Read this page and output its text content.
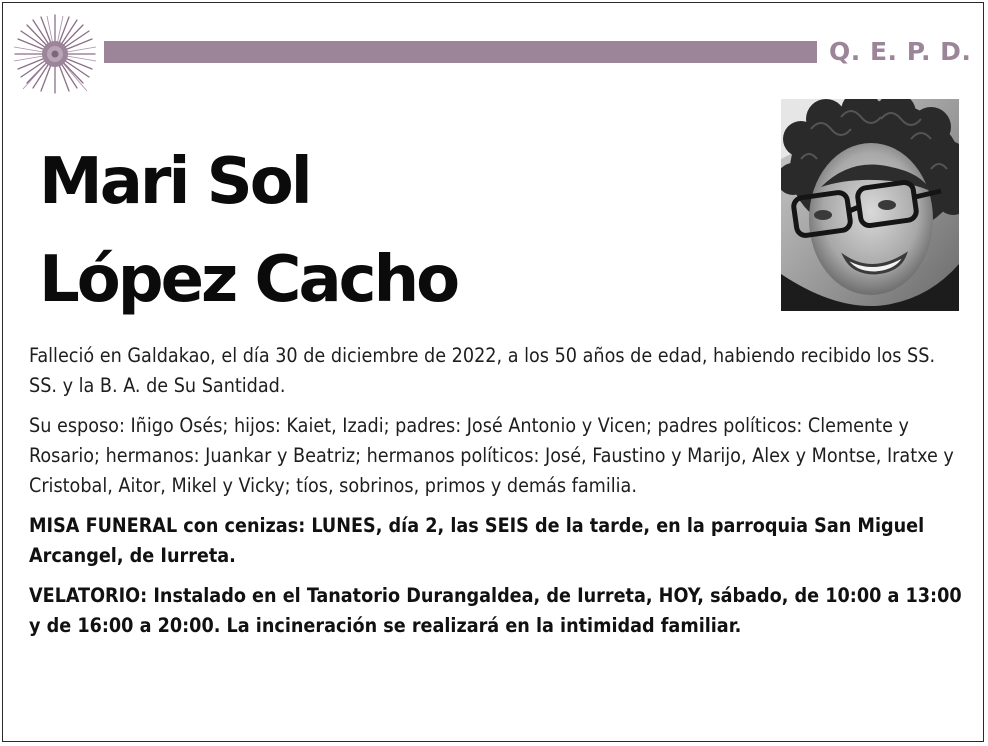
Q. E. P. D.
Mari Sol
López Cacho

Falleció en Galdakao, el día 30 de diciembre de 2022, a los 50 años de edad, habiendo recibido los SS. SS. y la B. A. de Su Santidad.

Su esposo: Iñigo Osés; hijos: Kaiet, Izadi; padres: José Antonio y Vicen; padres políticos: Clemente y Rosario; hermanos: Juankar y Beatriz; hermanos políticos: José, Faustino y Marijo, Alex y Montse, Iratxe y Cristobal, Aitor, Mikel y Vicky; tíos, sobrinos, primos y demás familia.

MISA FUNERAL con cenizas: LUNES, día 2, las SEIS de la tarde, en la parroquia San Miguel Arcangel, de Iurreta.

VELATORIO: Instalado en el Tanatorio Durangaldea, de Iurreta, HOY, sábado, de 10:00 a 13:00 y de 16:00 a 20:00. La incineración se realizará en la intimidad familiar.
